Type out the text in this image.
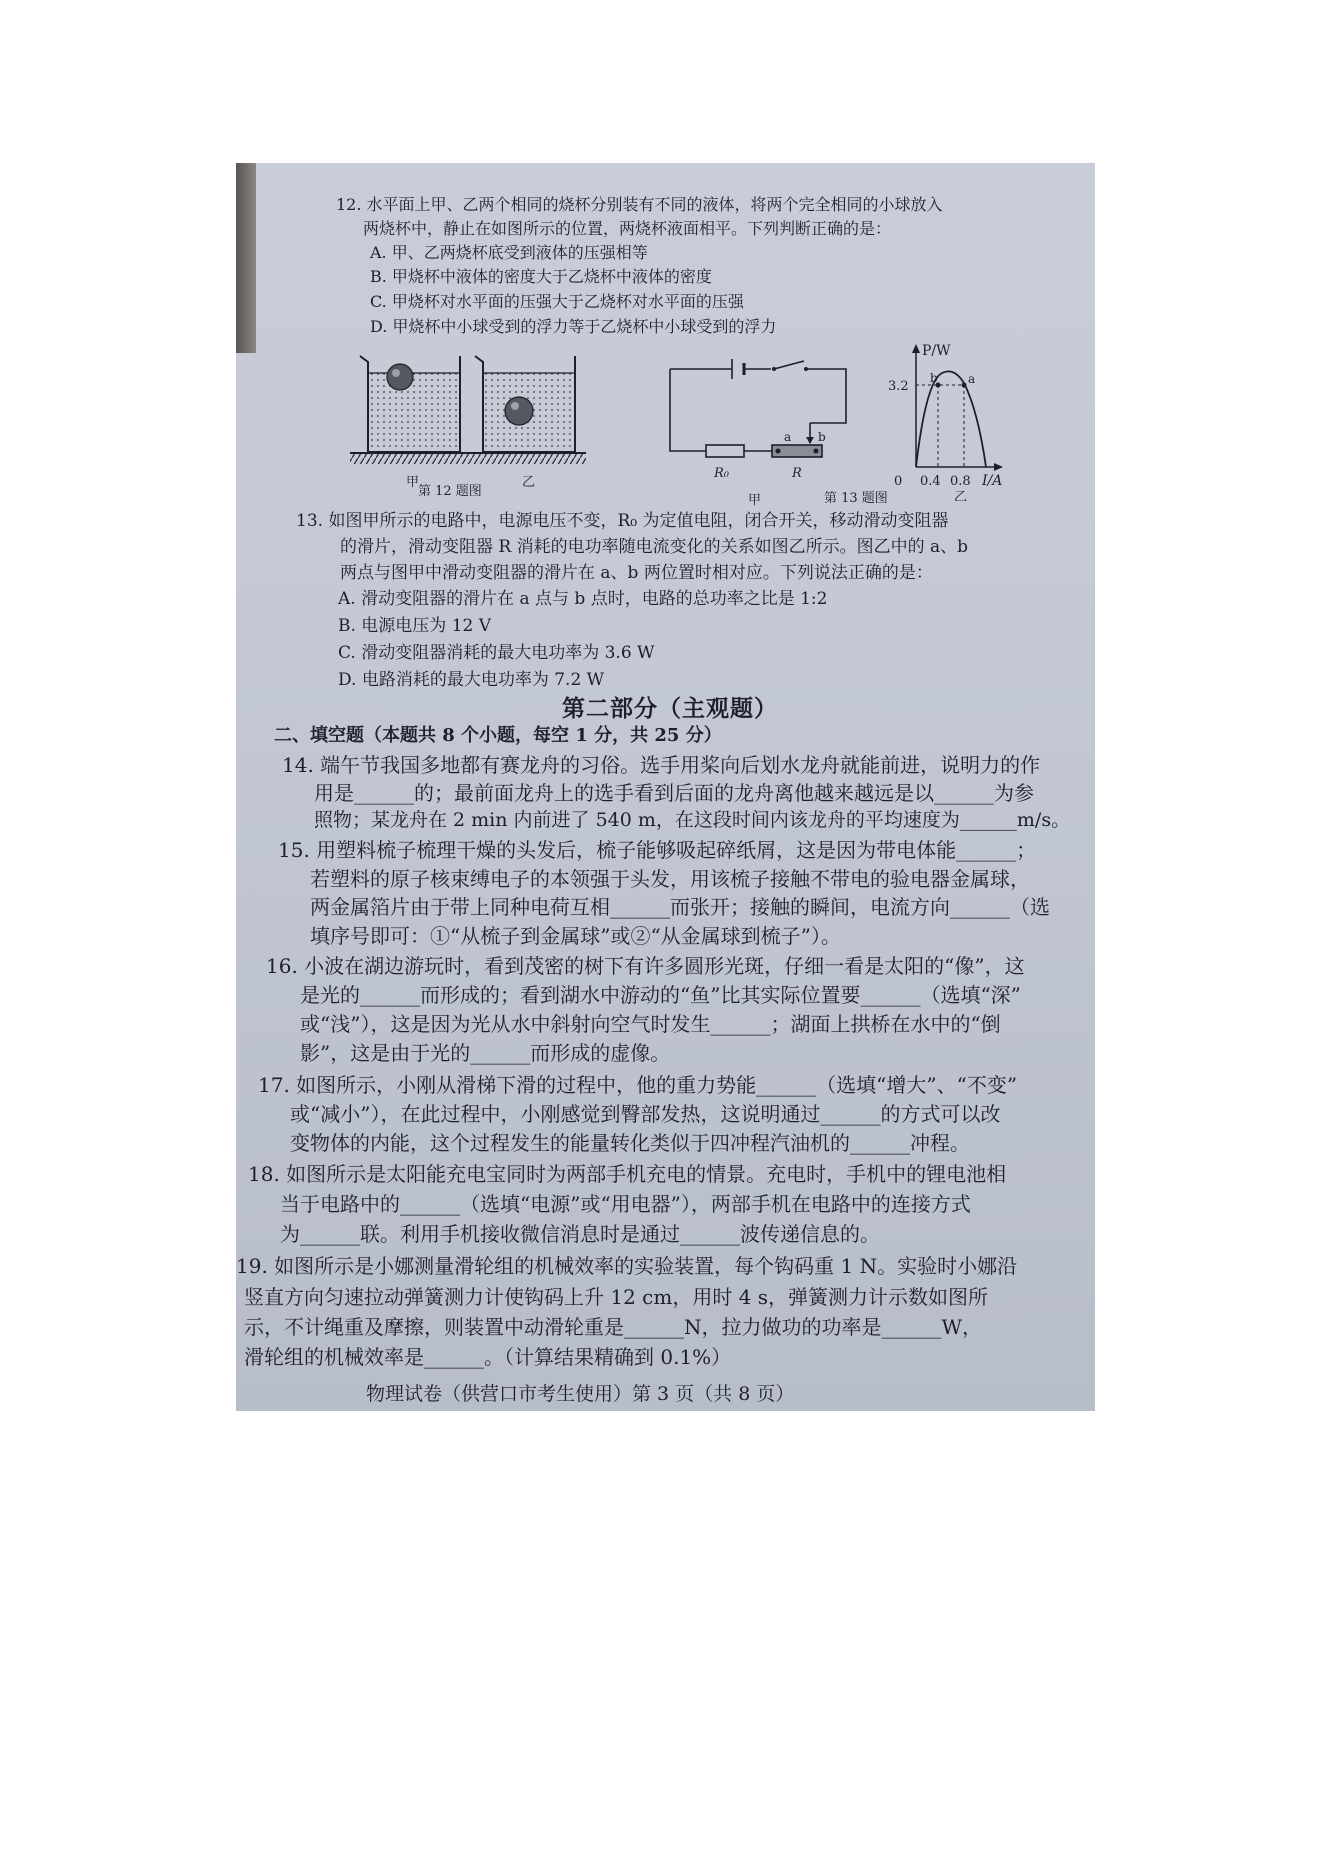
12. 水平面上甲、乙两个相同的烧杯分别装有不同的液体，将两个完全相同的小球放入
两烧杯中，静止在如图所示的位置，两烧杯液面相平。下列判断正确的是：
A. 甲、乙两烧杯底受到液体的压强相等
B. 甲烧杯中液体的密度大于乙烧杯中液体的密度
C. 甲烧杯对水平面的压强大于乙烧杯对水平面的压强
D. 甲烧杯中小球受到的浮力等于乙烧杯中小球受到的浮力
甲	乙
第 12 题图
a b
R₀	R
甲	第 13 题图
P/W
3.2
b	a
0 0.4 0.8 I/A
乙
13. 如图甲所示的电路中，电源电压不变，R₀ 为定值电阻，闭合开关，移动滑动变阻器
的滑片，滑动变阻器 R 消耗的电功率随电流变化的关系如图乙所示。图乙中的 a、b
两点与图甲中滑动变阻器的滑片在 a、b 两位置时相对应。下列说法正确的是：
A. 滑动变阻器的滑片在 a 点与 b 点时，电路的总功率之比是 1:2
B. 电源电压为 12 V
C. 滑动变阻器消耗的最大电功率为 3.6 W
D. 电路消耗的最大电功率为 7.2 W
第二部分（主观题）
二、填空题（本题共 8 个小题，每空 1 分，共 25 分）
14. 端午节我国多地都有赛龙舟的习俗。选手用桨向后划水龙舟就能前进，说明力的作
用是______的；最前面龙舟上的选手看到后面的龙舟离他越来越远是以______为参
照物；某龙舟在 2 min 内前进了 540 m，在这段时间内该龙舟的平均速度为______m/s。
15. 用塑料梳子梳理干燥的头发后，梳子能够吸起碎纸屑，这是因为带电体能______；
若塑料的原子核束缚电子的本领强于头发，用该梳子接触不带电的验电器金属球，
两金属箔片由于带上同种电荷互相______而张开；接触的瞬间，电流方向______（选
填序号即可：①“从梳子到金属球”或②“从金属球到梳子”）。
16. 小波在湖边游玩时，看到茂密的树下有许多圆形光斑，仔细一看是太阳的“像”，这
是光的______而形成的；看到湖水中游动的“鱼”比其实际位置要______（选填“深”
或“浅”），这是因为光从水中斜射向空气时发生______；湖面上拱桥在水中的“倒
影”，这是由于光的______而形成的虚像。
17. 如图所示，小刚从滑梯下滑的过程中，他的重力势能______（选填“增大”、“不变”
或“减小”），在此过程中，小刚感觉到臀部发热，这说明通过______的方式可以改
变物体的内能，这个过程发生的能量转化类似于四冲程汽油机的______冲程。
18. 如图所示是太阳能充电宝同时为两部手机充电的情景。充电时，手机中的锂电池相
当于电路中的______（选填“电源”或“用电器”），两部手机在电路中的连接方式
为______联。利用手机接收微信消息时是通过______波传递信息的。
19. 如图所示是小娜测量滑轮组的机械效率的实验装置，每个钩码重 1 N。实验时小娜沿
竖直方向匀速拉动弹簧测力计使钩码上升 12 cm，用时 4 s，弹簧测力计示数如图所
示，不计绳重及摩擦，则装置中动滑轮重是______N，拉力做功的功率是______W，
滑轮组的机械效率是______。（计算结果精确到 0.1%）
物理试卷（供营口市考生使用）第 3 页（共 8 页）
